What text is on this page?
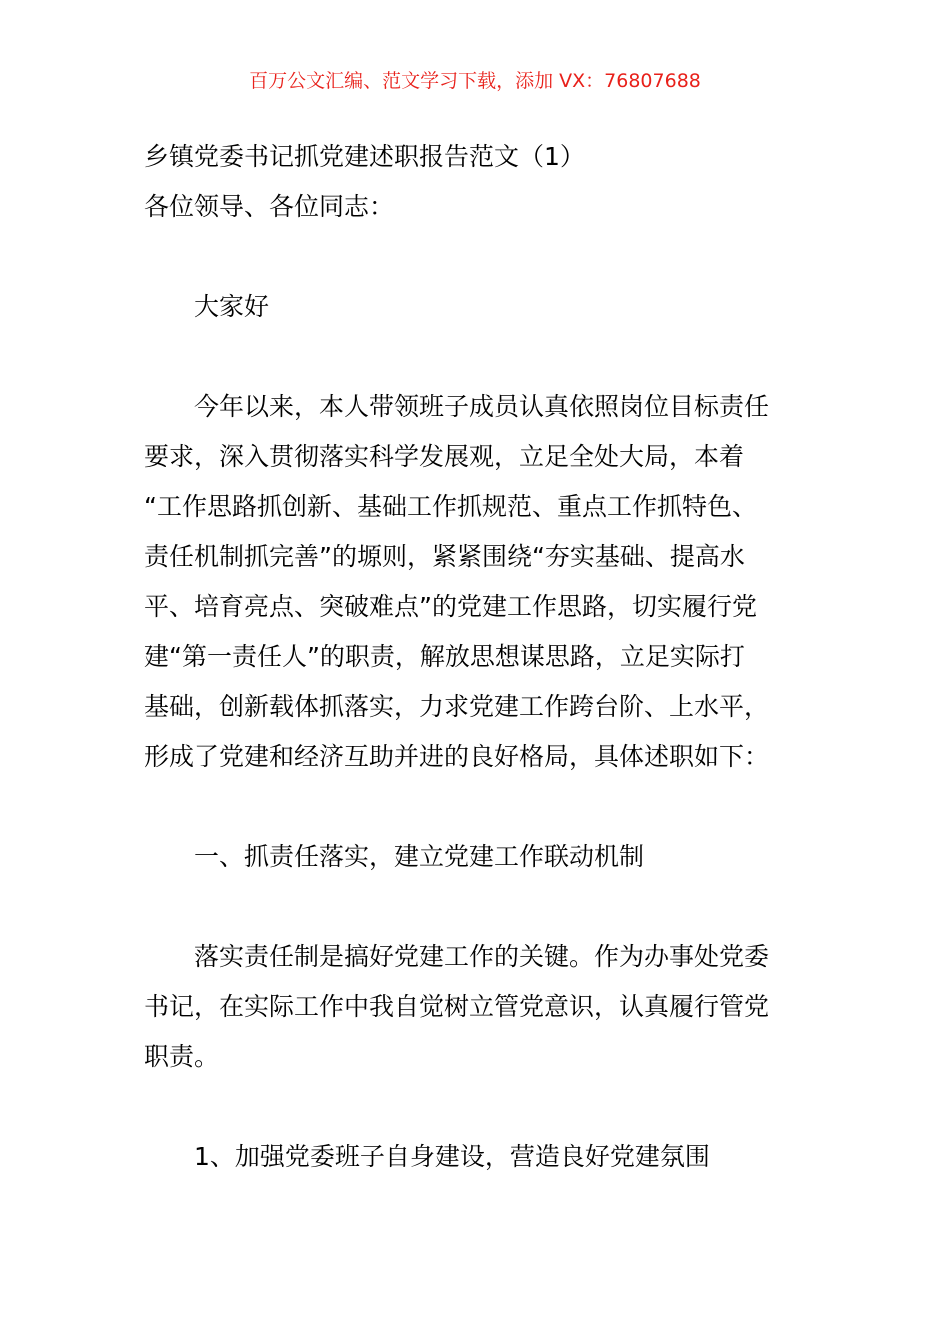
百万公文汇编、范文学习下载，添加 VX：76807688
乡镇党委书记抓党建述职报告范文（1）
各位领导、各位同志：
大家好
今年以来，本人带领班子成员认真依照岗位目标责任
要求，深入贯彻落实科学发展观，立足全处大局，本着
“工作思路抓创新、基础工作抓规范、重点工作抓特色、
责任机制抓完善”的塬则，紧紧围绕“夯实基础、提高水
平、培育亮点、突破难点”的党建工作思路，切实履行党
建“第一责任人”的职责，解放思想谋思路，立足实际打
基础，创新载体抓落实，力求党建工作跨台阶、上水平，
形成了党建和经济互助并进的良好格局，具体述职如下：
一、抓责任落实，建立党建工作联动机制
落实责任制是搞好党建工作的关键。作为办事处党委
书记，在实际工作中我自觉树立管党意识，认真履行管党
职责。
1、加强党委班子自身建设，营造良好党建氛围
